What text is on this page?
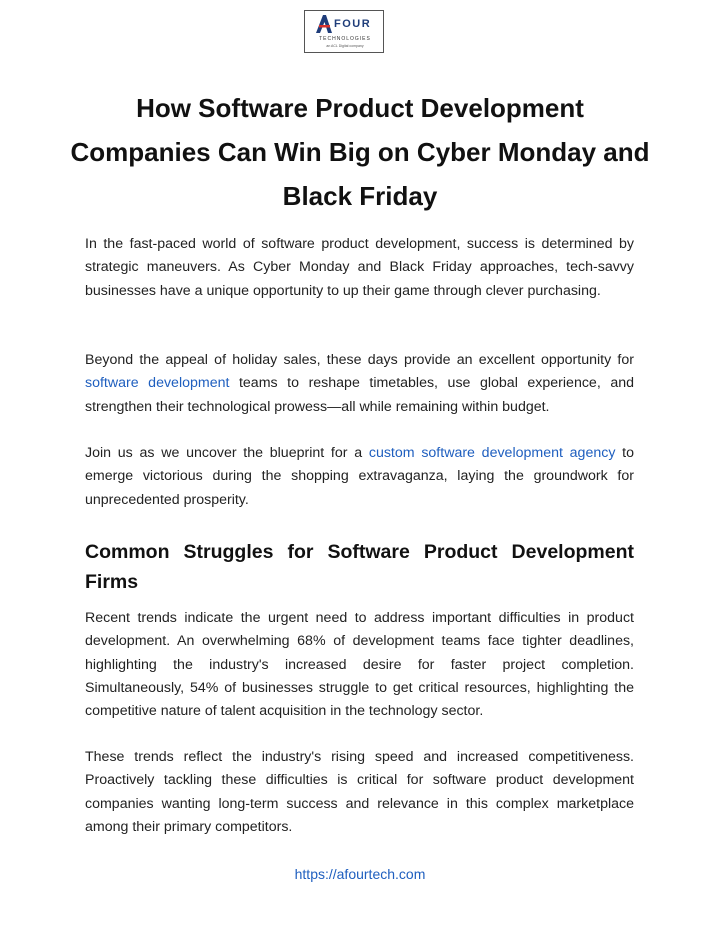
FOUR
TECHNOLOGIES
an ACL Digital company
How Software Product Development Companies Can Win Big on Cyber Monday and Black Friday

In the fast-paced world of software product development, success is determined by strategic maneuvers. As Cyber Monday and Black Friday approaches, tech-savvy businesses have a unique opportunity to up their game through clever purchasing.

Beyond the appeal of holiday sales, these days provide an excellent opportunity for software development teams to reshape timetables, use global experience, and strengthen their technological prowess—all while remaining within budget.

Join us as we uncover the blueprint for a custom software development agency to emerge victorious during the shopping extravaganza, laying the groundwork for unprecedented prosperity.

Common Struggles for Software Product Development Firms

Recent trends indicate the urgent need to address important difficulties in product development. An overwhelming 68% of development teams face tighter deadlines, highlighting the industry's increased desire for faster project completion. Simultaneously, 54% of businesses struggle to get critical resources, highlighting the competitive nature of talent acquisition in the technology sector.

These trends reflect the industry's rising speed and increased competitiveness. Proactively tackling these difficulties is critical for software product development companies wanting long-term success and relevance in this complex marketplace among their primary competitors.

https://afourtech.com
